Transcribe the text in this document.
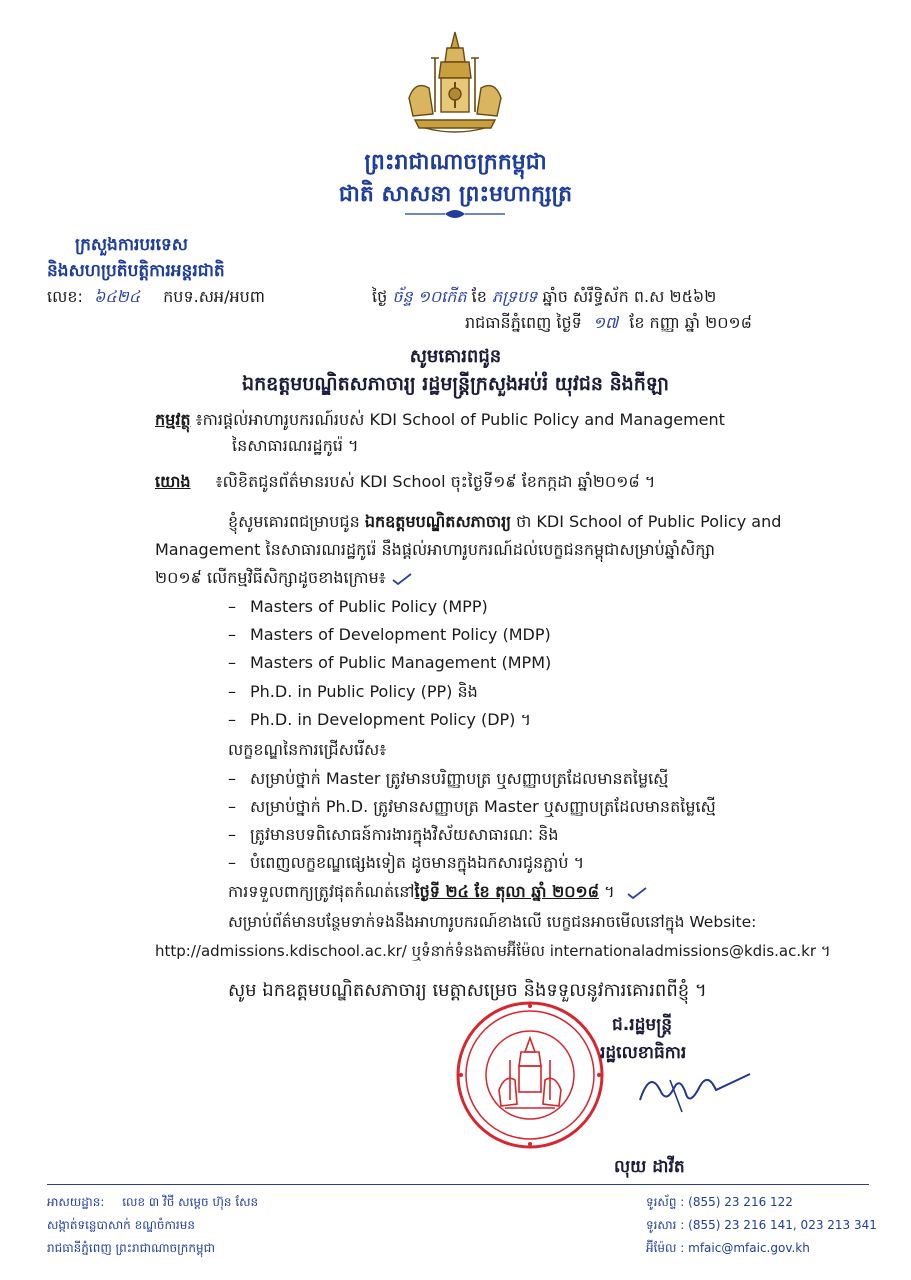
ព្រះរាជាណាចក្រកម្ពុជា
ជាតិ សាសនា ព្រះមហាក្សត្រ
ក្រសួងការបរទេស
និងសហប្រតិបត្តិការអន្តរជាតិ
លេខ: ៦៤២៤ កបទ.សអ/អបពា	ថ្ងៃ ច័ន្ទ ១០កើត ខែ ភទ្របទ ឆ្នាំច សំរឹទ្ធិស័ក ព.ស ២៥៦២
រាជធានីភ្នំពេញ ថ្ងៃទី ១៧ ខែ កញ្ញា ឆ្នាំ ២០១៨
សូមគោរពជូន
ឯកឧត្តមបណ្ឌិតសភាចារ្យ រដ្ឋមន្ត្រីក្រសួងអប់រំ យុវជន និងកីឡា
កម្មវត្ថុ ៖ការផ្តល់អាហារូបករណ៍របស់ KDI School of Public Policy and Management
នៃសាធារណរដ្ឋកូរ៉េ ។
យោង ៖លិខិតជូនព័ត៌មានរបស់ KDI School ចុះថ្ងៃទី១៩ ខែកក្កដា ឆ្នាំ២០១៨ ។
ខ្ញុំសូមគោរពជម្រាបជូន ឯកឧត្តមបណ្ឌិតសភាចារ្យ ថា KDI School of Public Policy and
Management នៃសាធារណរដ្ឋកូរ៉េ នឹងផ្តល់អាហារូបករណ៍ដល់បេក្ខជនកម្ពុជាសម្រាប់ឆ្នាំសិក្សា
២០១៩ លើកម្មវិធីសិក្សាដូចខាងក្រោម៖
– Masters of Public Policy (MPP)
– Masters of Development Policy (MDP)
– Masters of Public Management (MPM)
– Ph.D. in Public Policy (PP) និង
– Ph.D. in Development Policy (DP) ។
លក្ខខណ្ឌនៃការជ្រើសរើស៖
– សម្រាប់ថ្នាក់ Master ត្រូវមានបរិញ្ញាបត្រ ឬសញ្ញាបត្រដែលមានតម្លៃស្មើ
– សម្រាប់ថ្នាក់ Ph.D. ត្រូវមានសញ្ញាបត្រ Master ឬសញ្ញាបត្រដែលមានតម្លៃស្មើ
– ត្រូវមានបទពិសោធន៍ការងារក្នុងវិស័យសាធារណៈ និង
– បំពេញលក្ខខណ្ឌផ្សេងទៀត ដូចមានក្នុងឯកសារជូនភ្ជាប់ ។
ការទទួលពាក្យត្រូវផុតកំណត់នៅថ្ងៃទី ២៤ ខែ តុលា ឆ្នាំ ២០១៨ ។
សម្រាប់ព័ត៌មានបន្ថែមទាក់ទងនឹងអាហារូបករណ៍ខាងលើ បេក្ខជនអាចមើលនៅក្នុង Website:
http://admissions.kdischool.ac.kr/ ឬទំនាក់ទំនងតាមអ៊ីម៉ែល internationaladmissions@kdis.ac.kr ។
សូម ឯកឧត្តមបណ្ឌិតសភាចារ្យ មេត្តាសម្រេច និងទទួលនូវការគោរពពីខ្ញុំ ។
ជ.រដ្ឋមន្ត្រី
រដ្ឋលេខាធិការ
លុយ ដាវីត
អាសយដ្ឋាន: លេខ ៣ វិថី សម្តេច ហ៊ុន សែន
សង្កាត់ទន្លេបាសាក់ ខណ្ឌចំការមន
រាជធានីភ្នំពេញ ព្រះរាជាណាចក្រកម្ពុជា
ទូរស័ព្ទ : (855) 23 216 122
ទូរសារ : (855) 23 216 141, 023 213 341
អ៊ីម៉ែល : mfaic@mfaic.gov.kh
